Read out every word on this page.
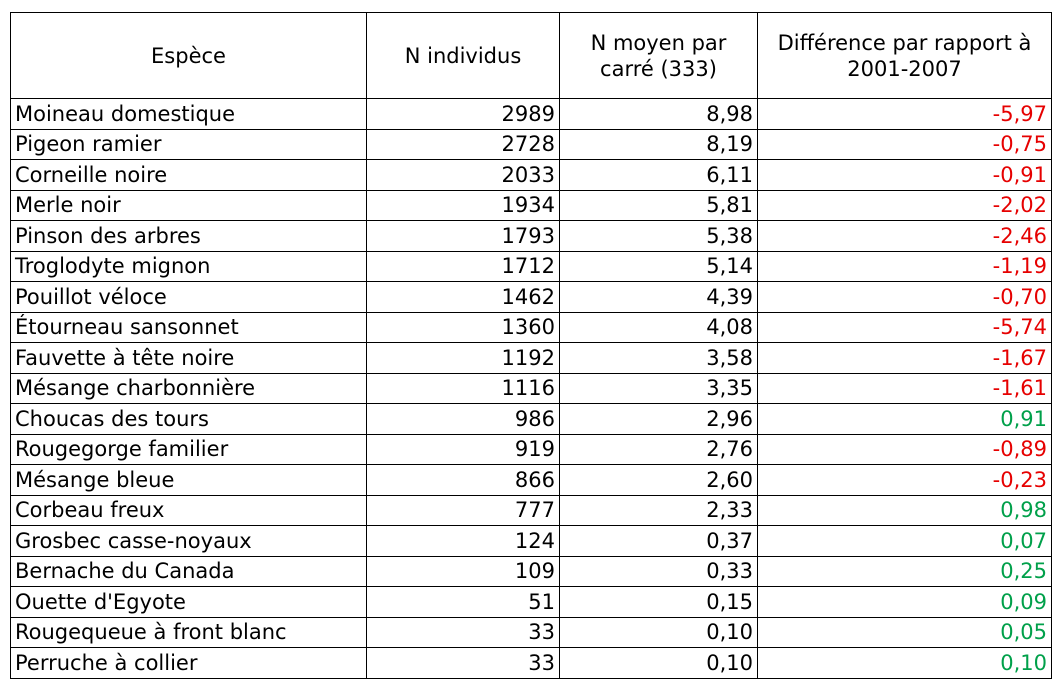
Espèce	N individus	N moyen par carré (333)	Différence par rapport à 2001-2007
Moineau domestique	2989	8,98	-5,97
Pigeon ramier	2728	8,19	-0,75
Corneille noire	2033	6,11	-0,91
Merle noir	1934	5,81	-2,02
Pinson des arbres	1793	5,38	-2,46
Troglodyte mignon	1712	5,14	-1,19
Pouillot véloce	1462	4,39	-0,70
Étourneau sansonnet	1360	4,08	-5,74
Fauvette à tête noire	1192	3,58	-1,67
Mésange charbonnière	1116	3,35	-1,61
Choucas des tours	986	2,96	0,91
Rougegorge familier	919	2,76	-0,89
Mésange bleue	866	2,60	-0,23
Corbeau freux	777	2,33	0,98
Grosbec casse-noyaux	124	0,37	0,07
Bernache du Canada	109	0,33	0,25
Ouette d'Egyote	51	0,15	0,09
Rougequeue à front blanc	33	0,10	0,05
Perruche à collier	33	0,10	0,10
